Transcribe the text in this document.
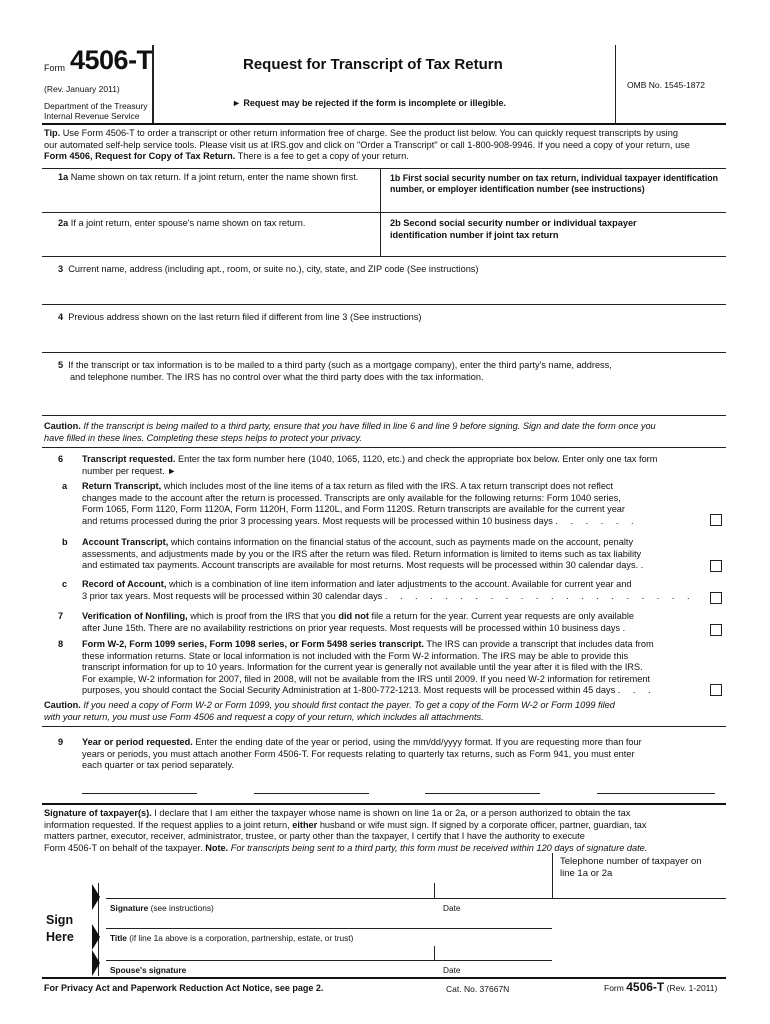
Form 4506-T
(Rev. January 2011)
Department of the Treasury
Internal Revenue Service
Request for Transcript of Tax Return
► Request may be rejected if the form is incomplete or illegible.
OMB No. 1545-1872

Tip. Use Form 4506-T to order a transcript or other return information free of charge. See the product list below. You can quickly request transcripts by using

our automated self-help service tools. Please visit us at IRS.gov and click on "Order a Transcript" or call 1-800-908-9946. If you need a copy of your return, use

Form 4506, Request for Copy of Tax Return. There is a fee to get a copy of your return.

1a Name shown on tax return. If a joint return, enter the name shown first.	1b First social security number on tax return, individual taxpayer identification number, or employer identification number (see instructions)
2a If a joint return, enter spouse's name shown on tax return.	2b Second social security number or individual taxpayer identification number if joint tax return
3 Current name, address (including apt., room, or suite no.), city, state, and ZIP code (See instructions)
4 Previous address shown on the last return filed if different from line 3 (See instructions)

5 If the transcript or tax information is to be mailed to a third party (such as a mortgage company), enter the third party's name, address,

and telephone number. The IRS has no control over what the third party does with the tax information.

Caution. If the transcript is being mailed to a third party, ensure that you have filled in line 6 and line 9 before signing. Sign and date the form once you

have filled in these lines. Completing these steps helps to protect your privacy.

6 Transcript requested. Enter the tax form number here (1040, 1065, 1120, etc.) and check the appropriate box below. Enter only one tax form

number per request. ►

a Return Transcript, which includes most of the line items of a tax return as filed with the IRS. A tax return transcript does not reflect

changes made to the account after the return is processed. Transcripts are only available for the following returns: Form 1040 series,

Form 1065, Form 1120, Form 1120A, Form 1120H, Form 1120L, and Form 1120S. Return transcripts are available for the current year

and returns processed during the prior 3 processing years. Most requests will be processed within 10 business days . . . . . .

b Account Transcript, which contains information on the financial status of the account, such as payments made on the account, penalty

assessments, and adjustments made by you or the IRS after the return was filed. Return information is limited to items such as tax liability

and estimated tax payments. Account transcripts are available for most returns. Most requests will be processed within 30 calendar days. .

c Record of Account, which is a combination of line item information and later adjustments to the account. Available for current year and

3 prior tax years. Most requests will be processed within 30 calendar days . . . . . . . . . . . . . . . . . . . . .

7 Verification of Nonfiling, which is proof from the IRS that you did not file a return for the year. Current year requests are only available

after June 15th. There are no availability restrictions on prior year requests. Most requests will be processed within 10 business days .

8 Form W-2, Form 1099 series, Form 1098 series, or Form 5498 series transcript. The IRS can provide a transcript that includes data from

these information returns. State or local information is not included with the Form W-2 information. The IRS may be able to provide this

transcript information for up to 10 years. Information for the current year is generally not available until the year after it is filed with the IRS.

For example, W-2 information for 2007, filed in 2008, will not be available from the IRS until 2009. If you need W-2 information for retirement

purposes, you should contact the Social Security Administration at 1-800-772-1213. Most requests will be processed within 45 days . . .

Caution. If you need a copy of Form W-2 or Form 1099, you should first contact the payer. To get a copy of the Form W-2 or Form 1099 filed

with your return, you must use Form 4506 and request a copy of your return, which includes all attachments.

9 Year or period requested. Enter the ending date of the year or period, using the mm/dd/yyyy format. If you are requesting more than four

years or periods, you must attach another Form 4506-T. For requests relating to quarterly tax returns, such as Form 941, you must enter

each quarter or tax period separately.

Signature of taxpayer(s). I declare that I am either the taxpayer whose name is shown on line 1a or 2a, or a person authorized to obtain the tax

information requested. If the request applies to a joint return, either husband or wife must sign. If signed by a corporate officer, partner, guardian, tax

matters partner, executor, receiver, administrator, trustee, or party other than the taxpayer, I certify that I have the authority to execute

Form 4506-T on behalf of the taxpayer. Note. For transcripts being sent to a third party, this form must be received within 120 days of signature date.

Telephone number of taxpayer on

line 1a or 2a

Sign
Here
Signature (see instructions)	Date
Title (if line 1a above is a corporation, partnership, estate, or trust)
Spouse's signature	Date
For Privacy Act and Paperwork Reduction Act Notice, see page 2.	Cat. No. 37667N	Form 4506-T (Rev. 1-2011)
